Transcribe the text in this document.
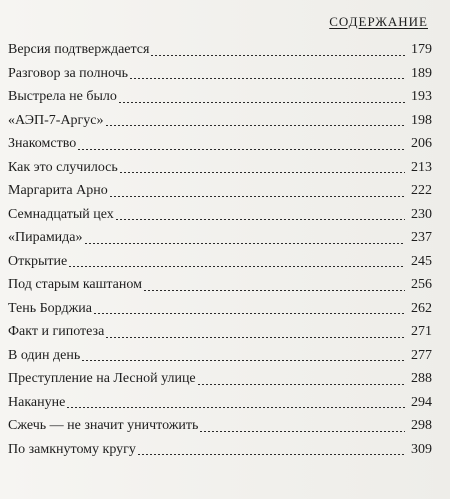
СОДЕРЖАНИЕ
Версия подтверждается	179
Разговор за полночь	189
Выстрела не было	193
«АЭП-7-Аргус»	198
Знакомство	206
Как это случилось	213
Маргарита Арно	222
Семнадцатый цех	230
«Пирамида»	237
Открытие	245
Под старым каштаном	256
Тень Борджиа	262
Факт и гипотеза	271
В один день	277
Преступление на Лесной улице	288
Накануне	294
Сжечь — не значит уничтожить	298
По замкнутому кругу	309
